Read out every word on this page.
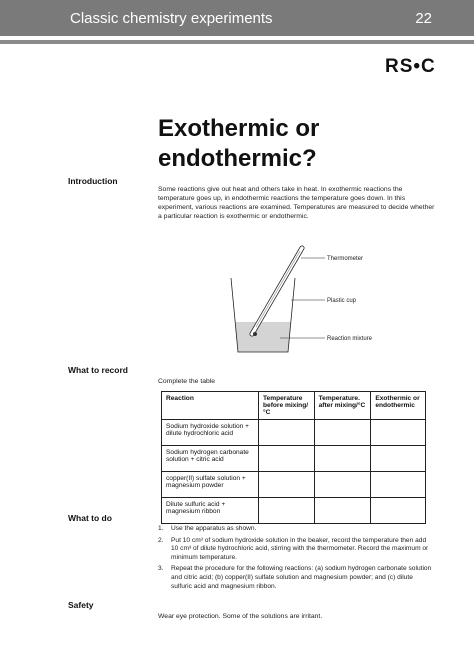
Classic chemistry experiments	22
RS•C
Exothermic or
endothermic?
Introduction
Some reactions give out heat and others take in heat. In exothermic reactions the temperature goes up, in endothermic reactions the temperature goes down. In this experiment, various reactions are examined. Temperatures are measured to decide whether a particular reaction is exothermic or endothermic.
Thermometer
Plastic cup
Reaction mixture
What to record
Complete the table
Reaction	Temperature before mixing/°C	Temperature. after mixing/°C	Exothermic or endothermic
Sodium hydroxide solution + dilute hydrochloric acid			
Sodium hydrogen carbonate solution + citric acid			
copper(II) sulfate solution + magnesium powder			
Dilute sulfuric acid + magnesium ribbon			
What to do
1. Use the apparatus as shown.
2. Put 10 cm³ of sodium hydroxide solution in the beaker, record the temperature then add 10 cm³ of dilute hydrochloric acid, stirring with the thermometer. Record the maximum or minimum temperature.
3. Repeat the procedure for the following reactions: (a) sodium hydrogen carbonate solution and citric acid; (b) copper(II) sulfate solution and magnesium powder; and (c) dilute sulfuric acid and magnesium ribbon.
Safety
Wear eye protection. Some of the solutions are irritant.
